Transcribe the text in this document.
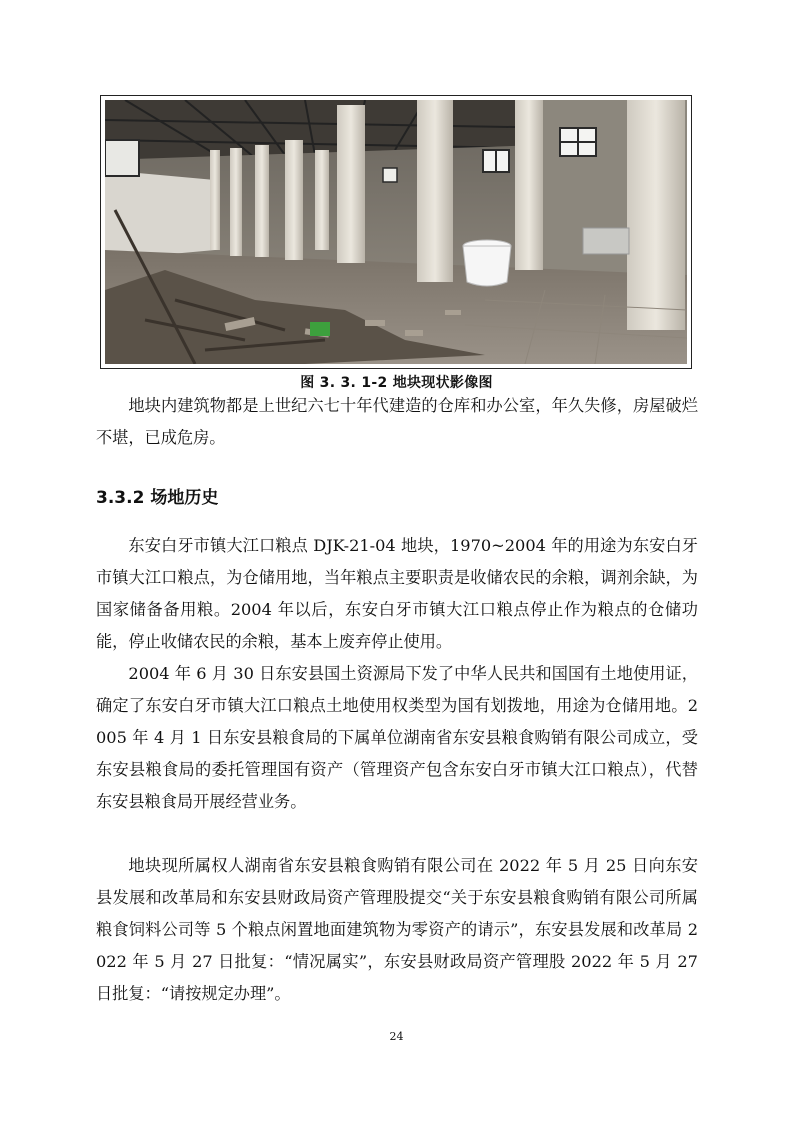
图 3. 3. 1-2 地块现状影像图

地块内建筑物都是上世纪六七十年代建造的仓库和办公室，年久失修，房屋破烂不堪，已成危房。

3.3.2 场地历史

东安白牙市镇大江口粮点 DJK-21-04 地块，1970~2004 年的用途为东安白牙市镇大江口粮点，为仓储用地，当年粮点主要职责是收储农民的余粮，调剂余缺，为国家储备备用粮。2004 年以后，东安白牙市镇大江口粮点停止作为粮点的仓储功能，停止收储农民的余粮，基本上废弃停止使用。

2004 年 6 月 30 日东安县国土资源局下发了中华人民共和国国有土地使用证，确定了东安白牙市镇大江口粮点土地使用权类型为国有划拨地，用途为仓储用地。2005 年 4 月 1 日东安县粮食局的下属单位湖南省东安县粮食购销有限公司成立，受东安县粮食局的委托管理国有资产（管理资产包含东安白牙市镇大江口粮点），代替东安县粮食局开展经营业务。

地块现所属权人湖南省东安县粮食购销有限公司在 2022 年 5 月 25 日向东安县发展和改革局和东安县财政局资产管理股提交“关于东安县粮食购销有限公司所属粮食饲料公司等 5 个粮点闲置地面建筑物为零资产的请示”，东安县发展和改革局 2022 年 5 月 27 日批复：“情况属实”，东安县财政局资产管理股 2022 年 5 月 27 日批复：“请按规定办理”。

24
